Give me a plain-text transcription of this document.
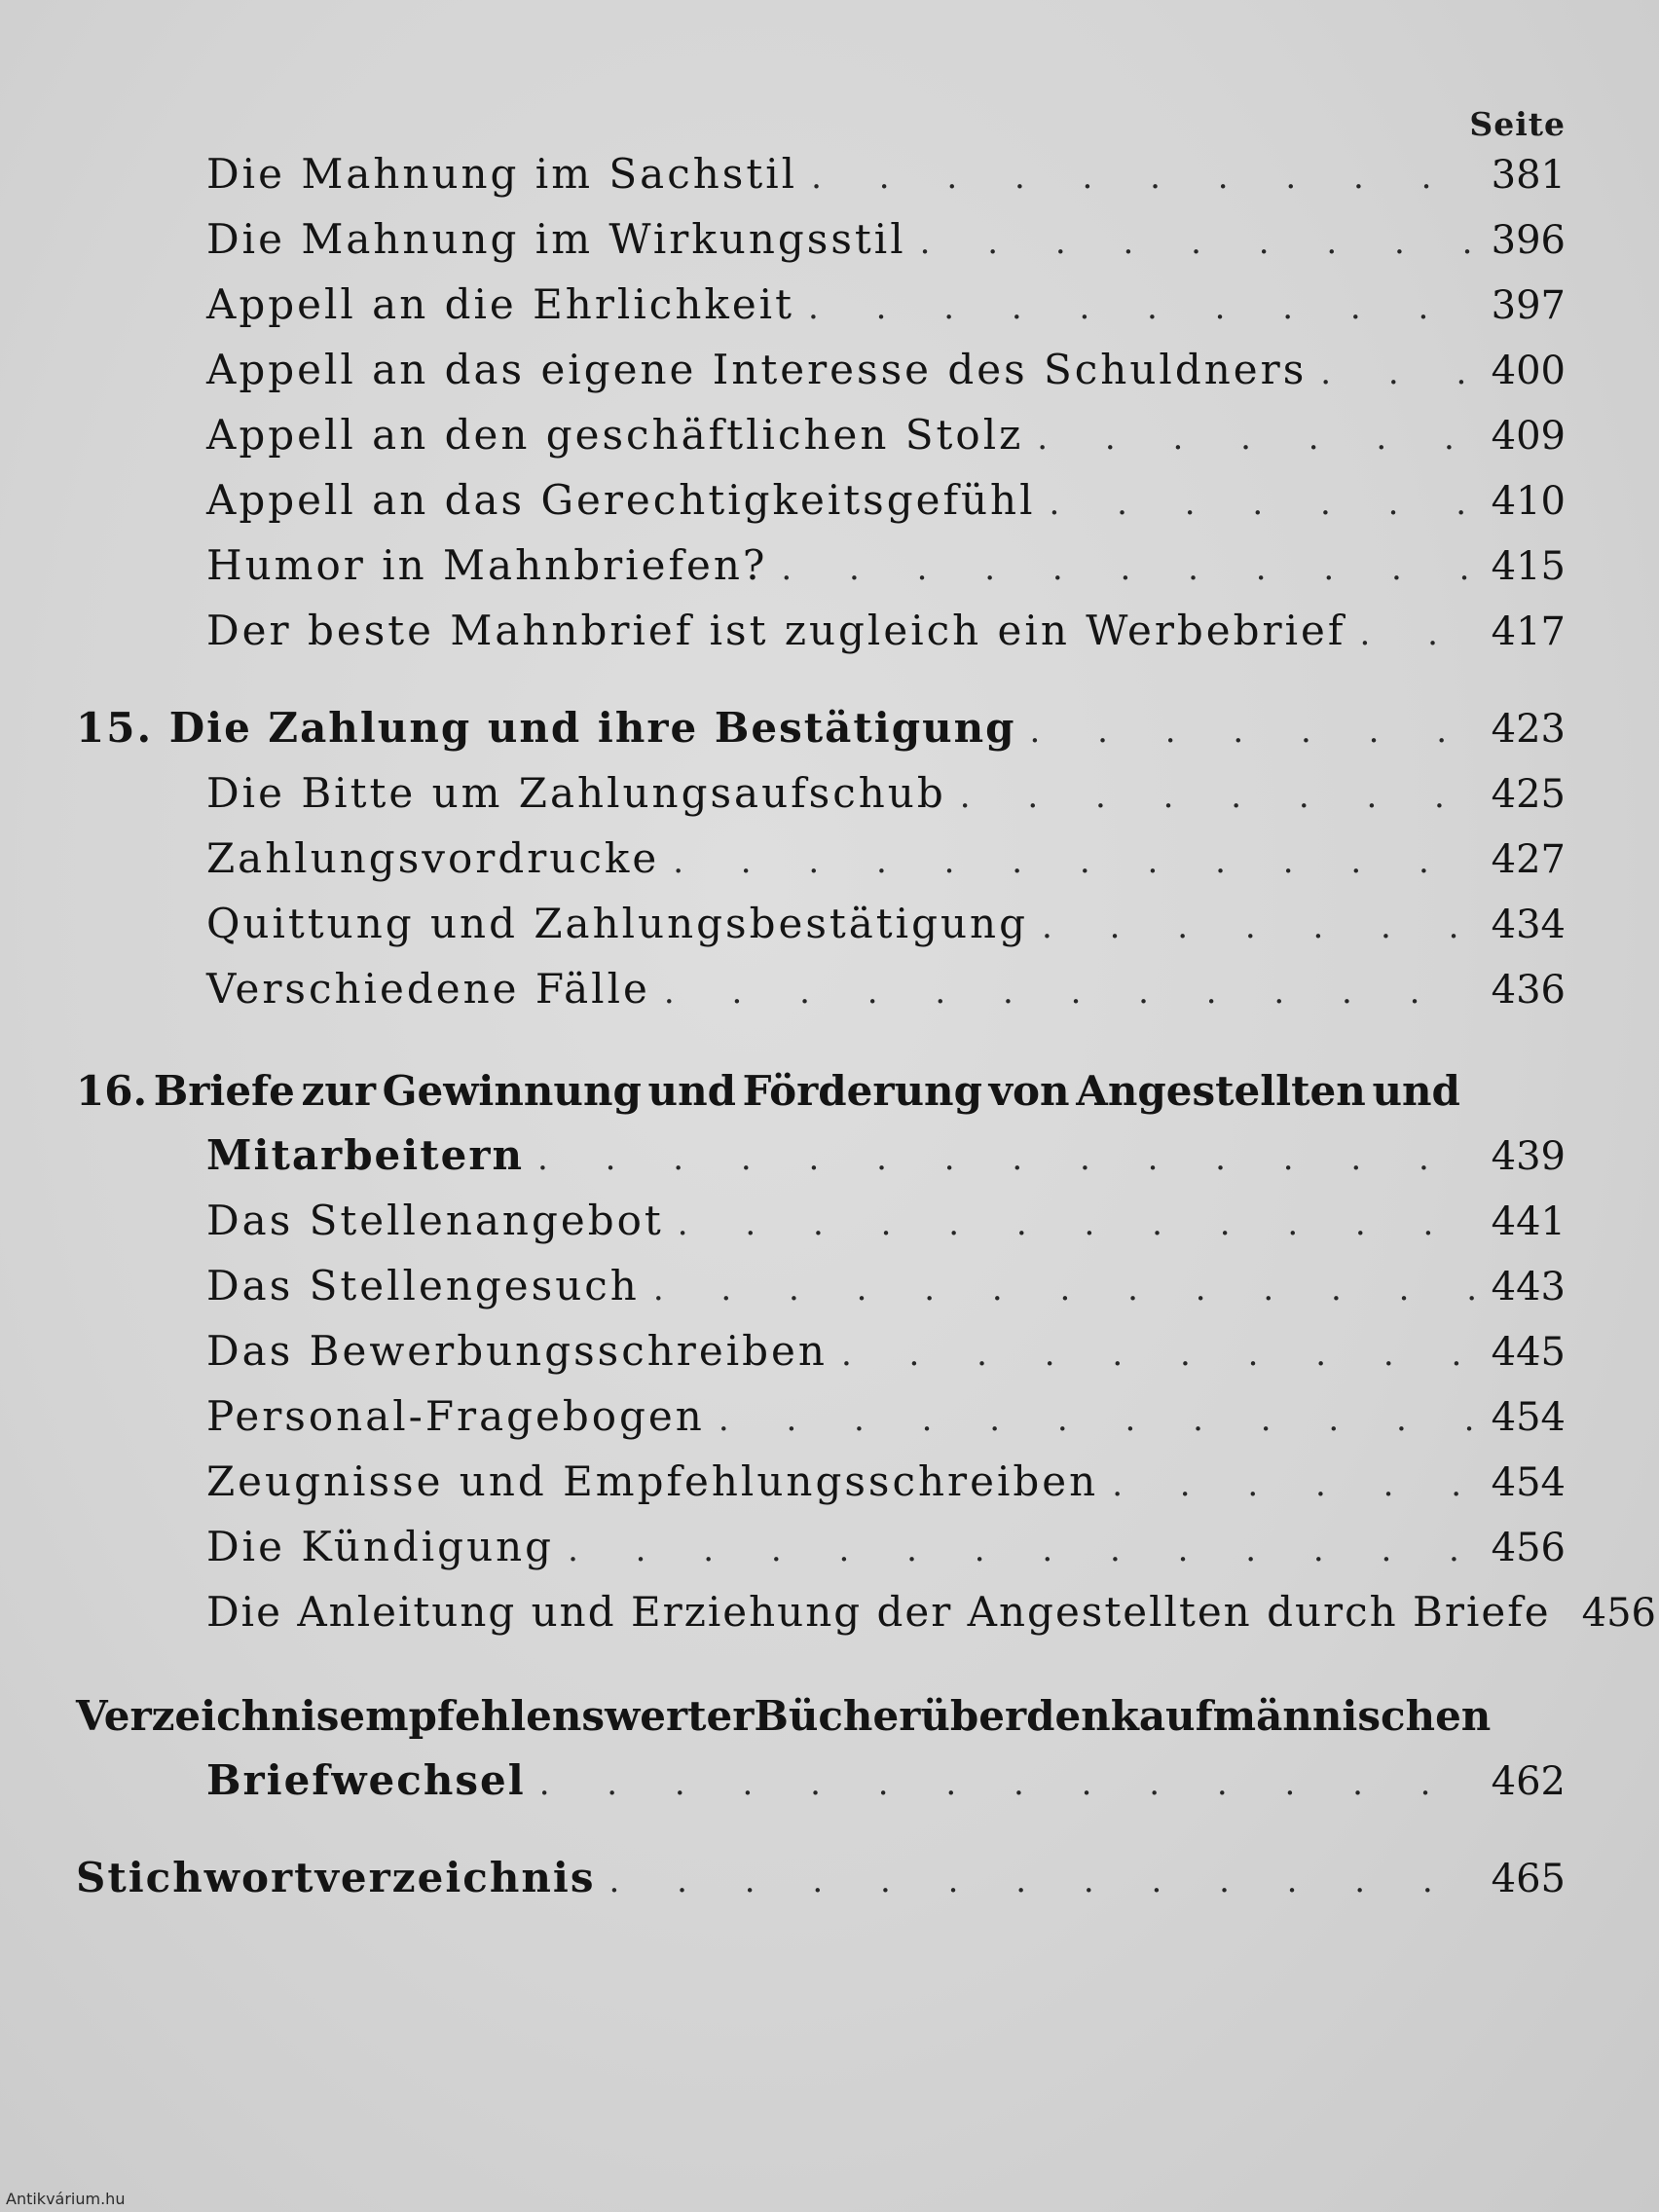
Seite
Die Mahnung im Sachstil . . .	381
Die Mahnung im Wirkungsstil . . .	396
Appell an die Ehrlichkeit . . .	397
Appell an das eigene Interesse des Schuldners . . .	400
Appell an den geschäftlichen Stolz . . .	409
Appell an das Gerechtigkeitsgefühl . . .	410
Humor in Mahnbriefen? . . .	415
Der beste Mahnbrief ist zugleich ein Werbebrief . . .	417
15. Die Zahlung und ihre Bestätigung . . .	423
Die Bitte um Zahlungsaufschub . . .	425
Zahlungsvordrucke . . .	427
Quittung und Zahlungsbestätigung . . .	434
Verschiedene Fälle . . .	436
16. Briefe zur Gewinnung und Förderung von Angestellten und
Mitarbeitern . . .	439
Das Stellenangebot . . .	441
Das Stellengesuch . . .	443
Das Bewerbungsschreiben . . .	445
Personal-Fragebogen . . .	454
Zeugnisse und Empfehlungsschreiben . . .	454
Die Kündigung . . .	456
Die Anleitung und Erziehung der Angestellten durch Briefe 456
Verzeichnis empfehlenswerter Bücher über den kaufmännischen
Briefwechsel . . .	462
Stichwortverzeichnis . . .	465
Antikvárium.hu
